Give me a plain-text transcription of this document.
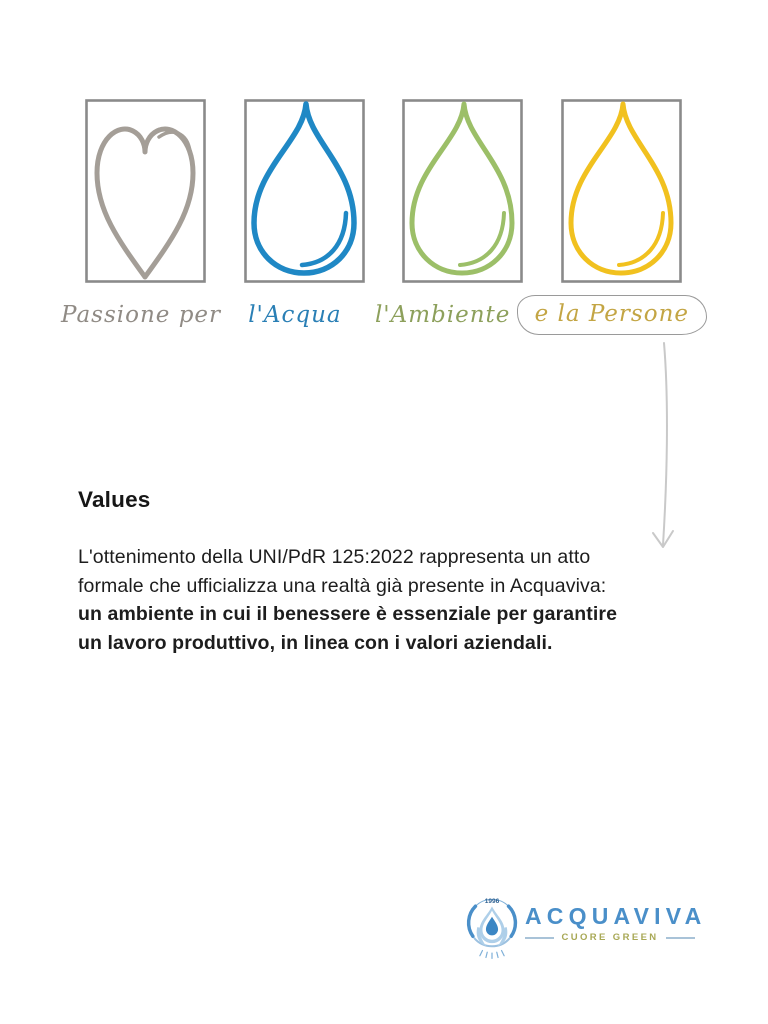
Passione per l'Acqua l'Ambiente	e la Persone
Values
L'ottenimento della UNI/PdR 125:2022 rappresenta un atto
formale che ufficializza una realtà già presente in Acquaviva:
un ambiente in cui il benessere è essenziale per garantire
un lavoro produttivo, in linea con i valori aziendali.
1996
ACQUAVIVA
CUORE GREEN
